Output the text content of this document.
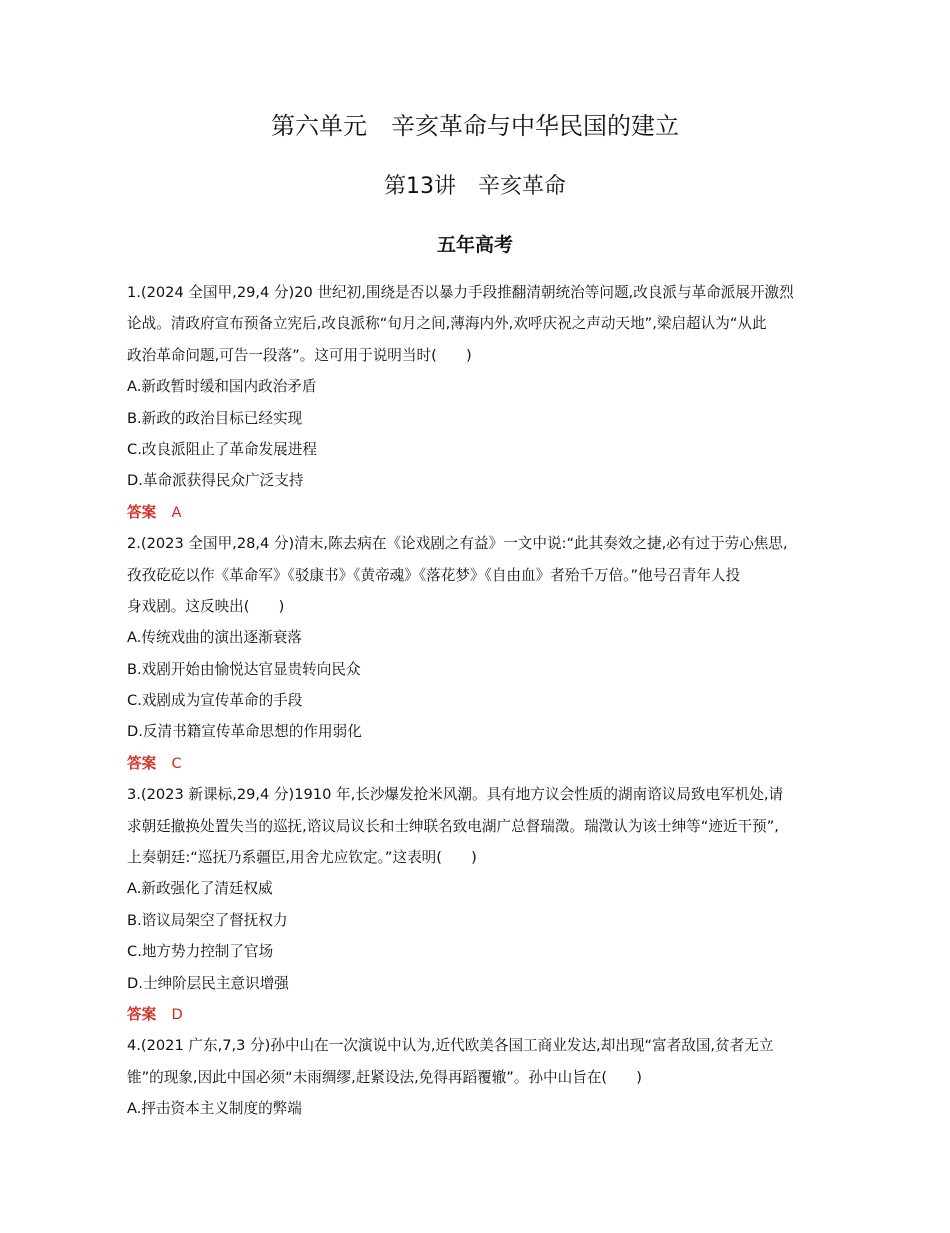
第六单元　辛亥革命与中华民国的建立
第13讲　辛亥革命
五年高考
1.(2024 全国甲,29,4 分)20 世纪初,围绕是否以暴力手段推翻清朝统治等问题,改良派与革命派展开激烈
论战。清政府宣布预备立宪后,改良派称“旬月之间,薄海内外,欢呼庆祝之声动天地”,梁启超认为“从此
政治革命问题,可告一段落”。这可用于说明当时(　　)
A.新政暂时缓和国内政治矛盾
B.新政的政治目标已经实现
C.改良派阻止了革命发展进程
D.革命派获得民众广泛支持
答案 A
2.(2023 全国甲,28,4 分)清末,陈去病在《论戏剧之有益》一文中说:“此其奏效之捷,必有过于劳心焦思,
孜孜矻矻以作《革命军》《驳康书》《黄帝魂》《落花梦》《自由血》者殆千万倍。”他号召青年人投
身戏剧。这反映出(　　)
A.传统戏曲的演出逐渐衰落
B.戏剧开始由愉悦达官显贵转向民众
C.戏剧成为宣传革命的手段
D.反清书籍宣传革命思想的作用弱化
答案 C
3.(2023 新课标,29,4 分)1910 年,长沙爆发抢米风潮。具有地方议会性质的湖南谘议局致电军机处,请
求朝廷撤换处置失当的巡抚,谘议局议长和士绅联名致电湖广总督瑞澂。瑞澂认为该士绅等“迹近干预”,
上奏朝廷:“巡抚乃系疆臣,用舍尤应钦定。”这表明(　　)
A.新政强化了清廷权威
B.谘议局架空了督抚权力
C.地方势力控制了官场
D.士绅阶层民主意识增强
答案 D
4.(2021 广东,7,3 分)孙中山在一次演说中认为,近代欧美各国工商业发达,却出现“富者敌国,贫者无立
锥”的现象,因此中国必须“未雨绸缪,赶紧设法,免得再蹈覆辙”。孙中山旨在(　　)
A.抨击资本主义制度的弊端
